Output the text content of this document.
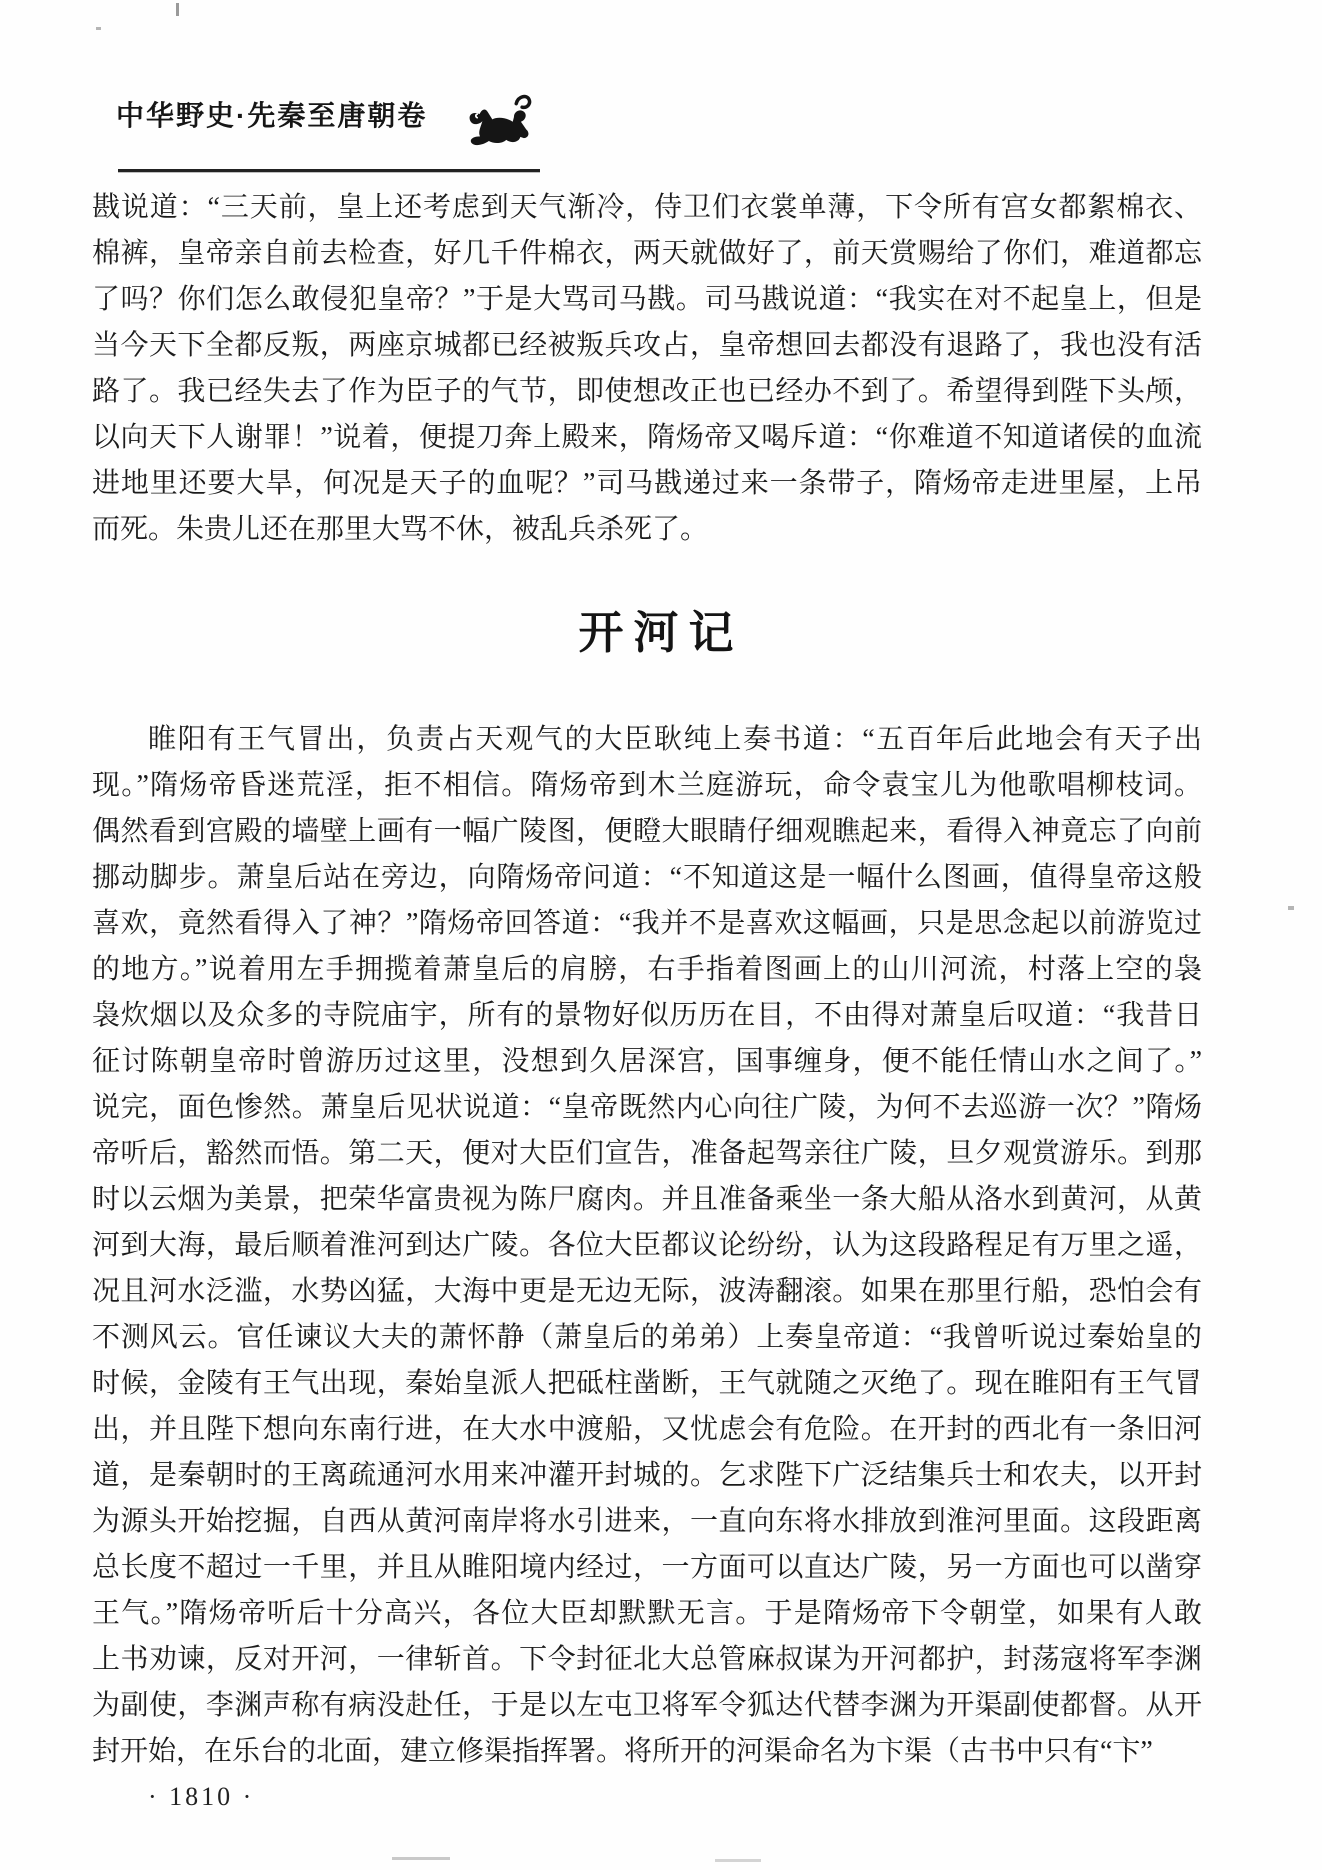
中华野史·先秦至唐朝卷
戡说道：“三天前，皇上还考虑到天气渐冷，侍卫们衣裳单薄，下令所有宫女都絮棉衣、
棉裤，皇帝亲自前去检查，好几千件棉衣，两天就做好了，前天赏赐给了你们，难道都忘
了吗？你们怎么敢侵犯皇帝？”于是大骂司马戡。司马戡说道：“我实在对不起皇上，但是
当今天下全都反叛，两座京城都已经被叛兵攻占，皇帝想回去都没有退路了，我也没有活
路了。我已经失去了作为臣子的气节，即使想改正也已经办不到了。希望得到陛下头颅，
以向天下人谢罪！”说着，便提刀奔上殿来，隋炀帝又喝斥道：“你难道不知道诸侯的血流
进地里还要大旱，何况是天子的血呢？”司马戡递过来一条带子，隋炀帝走进里屋，上吊
而死。朱贵儿还在那里大骂不休，被乱兵杀死了。
开河记
睢阳有王气冒出，负责占天观气的大臣耿纯上奏书道：“五百年后此地会有天子出
现。”隋炀帝昏迷荒淫，拒不相信。隋炀帝到木兰庭游玩，命令袁宝儿为他歌唱柳枝词。
偶然看到宫殿的墙壁上画有一幅广陵图，便瞪大眼睛仔细观瞧起来，看得入神竟忘了向前
挪动脚步。萧皇后站在旁边，向隋炀帝问道：“不知道这是一幅什么图画，值得皇帝这般
喜欢，竟然看得入了神？”隋炀帝回答道：“我并不是喜欢这幅画，只是思念起以前游览过
的地方。”说着用左手拥揽着萧皇后的肩膀，右手指着图画上的山川河流，村落上空的袅
袅炊烟以及众多的寺院庙宇，所有的景物好似历历在目，不由得对萧皇后叹道：“我昔日
征讨陈朝皇帝时曾游历过这里，没想到久居深宫，国事缠身，便不能任情山水之间了。”
说完，面色惨然。萧皇后见状说道：“皇帝既然内心向往广陵，为何不去巡游一次？”隋炀
帝听后，豁然而悟。第二天，便对大臣们宣告，准备起驾亲往广陵，旦夕观赏游乐。到那
时以云烟为美景，把荣华富贵视为陈尸腐肉。并且准备乘坐一条大船从洛水到黄河，从黄
河到大海，最后顺着淮河到达广陵。各位大臣都议论纷纷，认为这段路程足有万里之遥，
况且河水泛滥，水势凶猛，大海中更是无边无际，波涛翻滚。如果在那里行船，恐怕会有
不测风云。官任谏议大夫的萧怀静（萧皇后的弟弟）上奏皇帝道：“我曾听说过秦始皇的
时候，金陵有王气出现，秦始皇派人把砥柱凿断，王气就随之灭绝了。现在睢阳有王气冒
出，并且陛下想向东南行进，在大水中渡船，又忧虑会有危险。在开封的西北有一条旧河
道，是秦朝时的王离疏通河水用来冲灌开封城的。乞求陛下广泛结集兵士和农夫，以开封
为源头开始挖掘，自西从黄河南岸将水引进来，一直向东将水排放到淮河里面。这段距离
总长度不超过一千里，并且从睢阳境内经过，一方面可以直达广陵，另一方面也可以凿穿
王气。”隋炀帝听后十分高兴，各位大臣却默默无言。于是隋炀帝下令朝堂，如果有人敢
上书劝谏，反对开河，一律斩首。下令封征北大总管麻叔谋为开河都护，封荡寇将军李渊
为副使，李渊声称有病没赴任，于是以左屯卫将军令狐达代替李渊为开渠副使都督。从开
封开始，在乐台的北面，建立修渠指挥署。将所开的河渠命名为卞渠（古书中只有“卞”
· 1810 ·
